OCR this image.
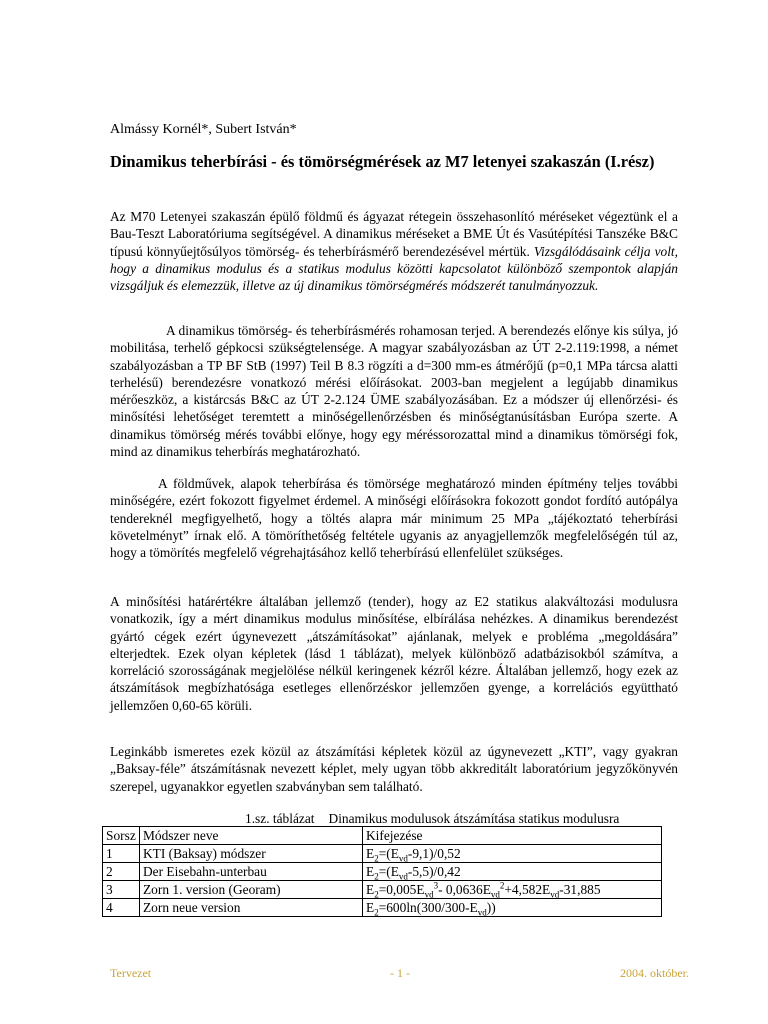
Almássy Kornél*, Subert István*
Dinamikus teherbírási - és tömörségmérések az M7 letenyei szakaszán (I.rész)

Az M70 Letenyei szakaszán épülő földmű és ágyazat rétegein összehasonlító méréseket végeztünk el a Bau-Teszt Laboratóriuma segítségével. A dinamikus méréseket a BME Út és Vasútépítési Tanszéke B&C típusú könnyűejtősúlyos tömörség- és teherbírásmérő berendezésével mértük. Vizsgálódásaink célja volt, hogy a dinamikus modulus és a statikus modulus közötti kapcsolatot különböző szempontok alapján vizsgáljuk és elemezzük, illetve az új dinamikus tömörségmérés módszerét tanulmányozzuk.

A dinamikus tömörség- és teherbírásmérés rohamosan terjed. A berendezés előnye kis súlya, jó mobilitása, terhelő gépkocsi szükségtelensége. A magyar szabályozásban az ÚT 2-2.119:1998, a német szabályozásban a TP BF StB (1997) Teil B 8.3 rögzíti a d=300 mm-es átmérőjű (p=0,1 MPa tárcsa alatti terhelésű) berendezésre vonatkozó mérési előírásokat. 2003-ban megjelent a legújabb dinamikus mérőeszköz, a kistárcsás B&C az ÚT 2-2.124 ÜME szabályozásában. Ez a módszer új ellenőrzési- és minősítési lehetőséget teremtett a minőségellenőrzésben és minőségtanúsításban Európa szerte. A dinamikus tömörség mérés további előnye, hogy egy méréssorozattal mind a dinamikus tömörségi fok, mind az dinamikus teherbírás meghatározható.

A földművek, alapok teherbírása és tömörsége meghatározó minden építmény teljes további minőségére, ezért fokozott figyelmet érdemel. A minőségi előírásokra fokozott gondot fordító autópálya tendereknél megfigyelhető, hogy a töltés alapra már minimum 25 MPa „tájékoztató teherbírási követelményt” írnak elő. A tömöríthetőség feltétele ugyanis az anyagjellemzők megfelelőségén túl az, hogy a tömörítés megfelelő végrehajtásához kellő teherbírású ellenfelület szükséges.

A minősítési határértékre általában jellemző (tender), hogy az E2 statikus alakváltozási modulusra vonatkozik, így a mért dinamikus modulus minősítése, elbírálása nehézkes. A dinamikus berendezést gyártó cégek ezért úgynevezett „átszámításokat” ajánlanak, melyek e probléma „megoldására” elterjedtek. Ezek olyan képletek (lásd 1 táblázat), melyek különböző adatbázisokból számítva, a korreláció szorosságának megjelölése nélkül keringenek kézről kézre. Általában jellemző, hogy ezek az átszámítások megbízhatósága esetleges ellenőrzéskor jellemzően gyenge, a korrelációs együttható jellemzően 0,60-65 körüli.

Leginkább ismeretes ezek közül az átszámítási képletek közül az úgynevezett „KTI”, vagy gyakran „Baksay-féle” átszámításnak nevezett képlet, mely ugyan több akkreditált laboratórium jegyzőkönyvén szerepel, ugyanakkor egyetlen szabványban sem található.

1.sz. táblázat Dinamikus modulusok átszámítása statikus modulusra
Sorsz	Módszer neve	Kifejezése
1	KTI (Baksay) módszer	$E_2=(E_{vd}-9,1)/0,52$
2	Der Eisebahn-unterbau	$E_2=(E_{vd}-5,5)/0,42$
3	Zorn 1. version (Georam)	$E_2=0,005E_{vd}^3-$ $0,0636E_{vd}^2+4,582E_{vd}-31,885$
4	Zorn neue version	$E_2=600\ln(300/300-E_{vd})$)
Tervezet	- 1 -	2004. október.
